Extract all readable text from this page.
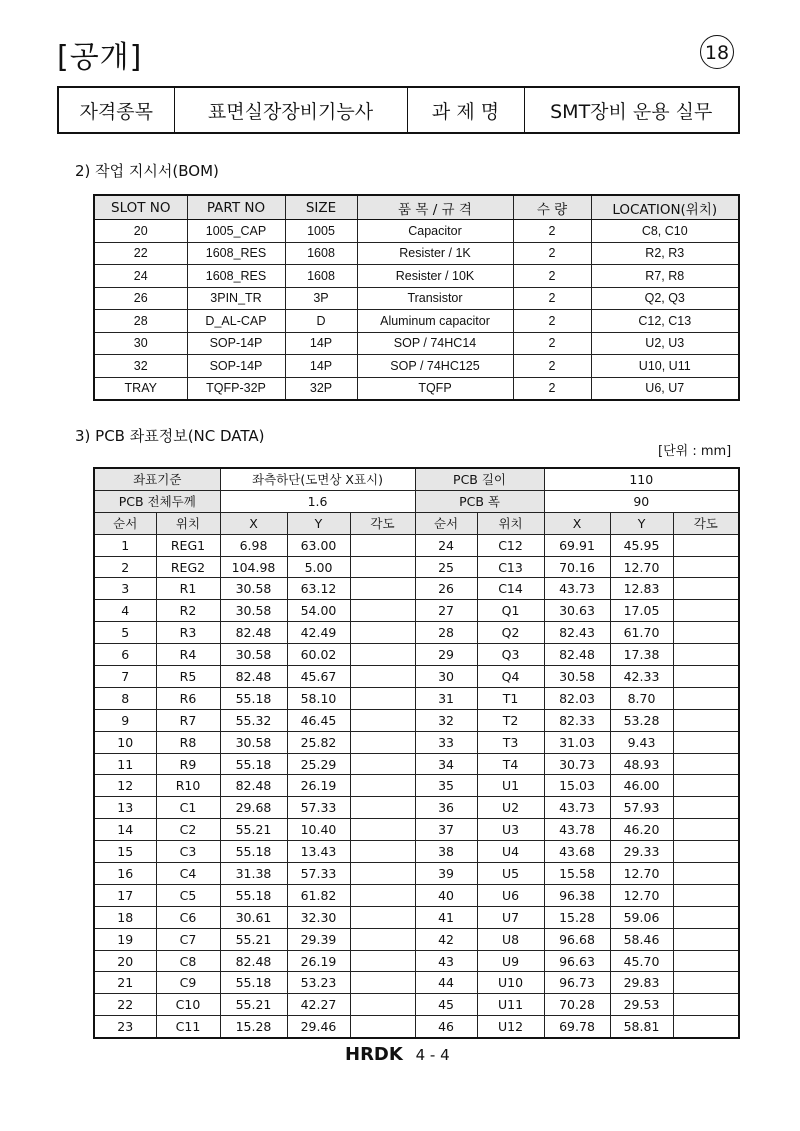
[공개]	18
자격종목	표면실장장비기능사	과 제 명	SMT장비 운용 실무
2) 작업 지시서(BOM)
SLOT NO	PART NO	SIZE	품 목 / 규 격	수 량	LOCATION(위치)
20	1005_CAP	1005	Capacitor	2	C8, C10
22	1608_RES	1608	Resister / 1K	2	R2, R3
24	1608_RES	1608	Resister / 10K	2	R7, R8
26	3PIN_TR	3P	Transistor	2	Q2, Q3
28	D_AL-CAP	D	Aluminum capacitor	2	C12, C13
30	SOP-14P	14P	SOP / 74HC14	2	U2, U3
32	SOP-14P	14P	SOP / 74HC125	2	U10, U11
TRAY	TQFP-32P	32P	TQFP	2	U6, U7
3) PCB 좌표정보(NC DATA)
[단위 : mm]
좌표기준		좌측하단(도면상 X표시)			PCB 길이		110		
PCB 전체두께		1.6			PCB 폭		90		
순서	위치	X	Y	각도	순서	위치	X	Y	각도
1	REG1	6.98	63.00		24	C12	69.91	45.95	
2	REG2	104.98	5.00		25	C13	70.16	12.70	
3	R1	30.58	63.12		26	C14	43.73	12.83	
4	R2	30.58	54.00		27	Q1	30.63	17.05	
5	R3	82.48	42.49		28	Q2	82.43	61.70	
6	R4	30.58	60.02		29	Q3	82.48	17.38	
7	R5	82.48	45.67		30	Q4	30.58	42.33	
8	R6	55.18	58.10		31	T1	82.03	8.70	
9	R7	55.32	46.45		32	T2	82.33	53.28	
10	R8	30.58	25.82		33	T3	31.03	9.43	
11	R9	55.18	25.29		34	T4	30.73	48.93	
12	R10	82.48	26.19		35	U1	15.03	46.00	
13	C1	29.68	57.33		36	U2	43.73	57.93	
14	C2	55.21	10.40		37	U3	43.78	46.20	
15	C3	55.18	13.43		38	U4	43.68	29.33	
16	C4	31.38	57.33		39	U5	15.58	12.70	
17	C5	55.18	61.82		40	U6	96.38	12.70	
18	C6	30.61	32.30		41	U7	15.28	59.06	
19	C7	55.21	29.39		42	U8	96.68	58.46	
20	C8	82.48	26.19		43	U9	96.63	45.70	
21	C9	55.18	53.23		44	U10	96.73	29.83	
22	C10	55.21	42.27		45	U11	70.28	29.53	
23	C11	15.28	29.46		46	U12	69.78	58.81	
HRDK 4 - 4
